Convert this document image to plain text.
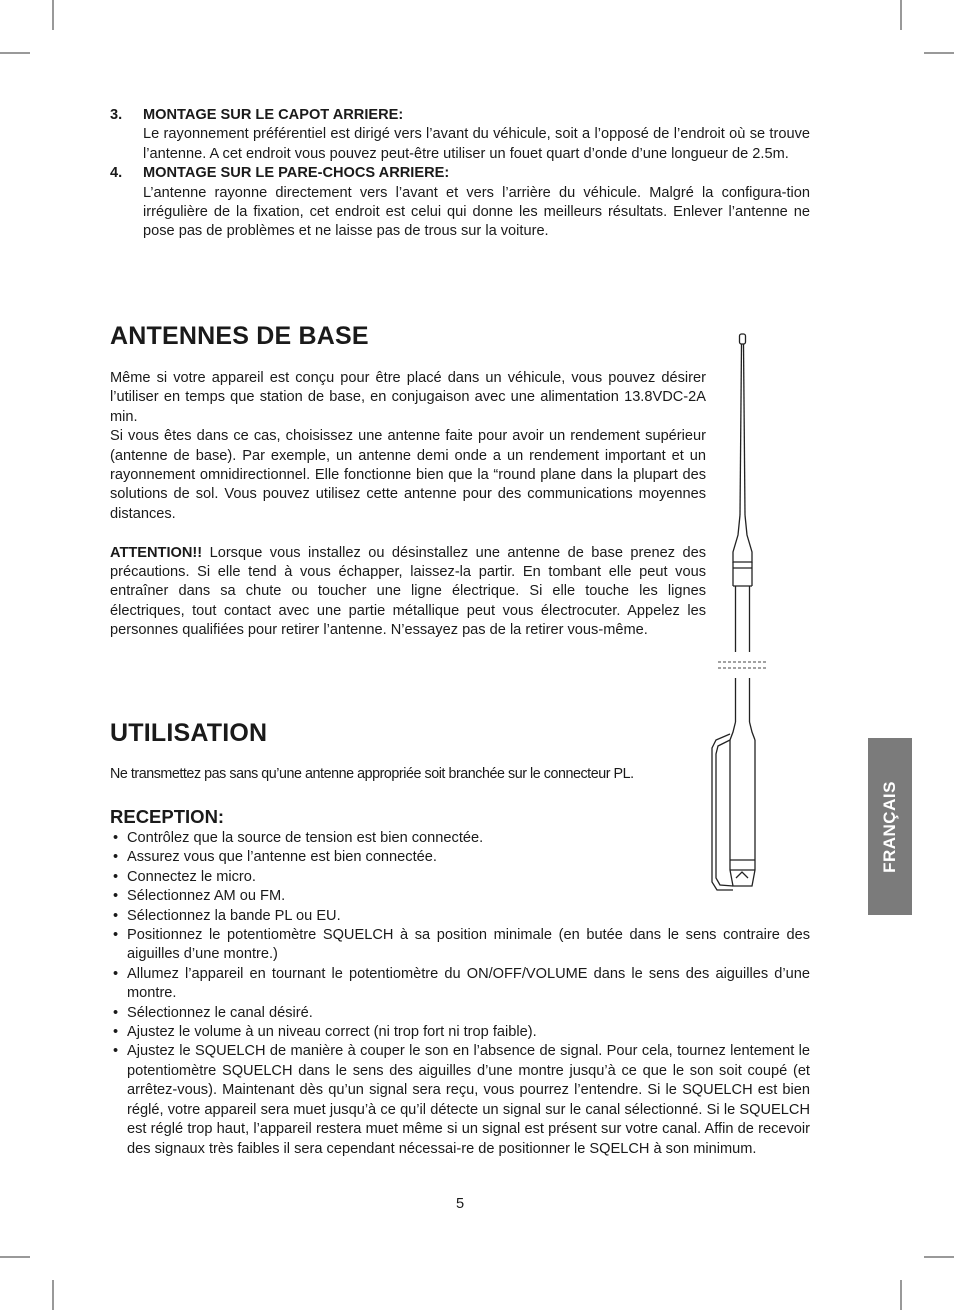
3. MONTAGE SUR LE CAPOT ARRIERE:

Le rayonnement préférentiel est dirigé vers l’avant du véhicule, soit a l’opposé de l’endroit où se trouve l’antenne. A cet endroit vous pouvez peut-être utiliser un fouet quart d’onde d’une longueur de 2.5m.

4. MONTAGE SUR LE PARE-CHOCS ARRIERE:

L’antenne rayonne directement vers l’avant et vers l’arrière du véhicule. Malgré la configura-tion irrégulière de la fixation, cet endroit est celui qui donne les meilleurs résultats. Enlever l’antenne ne pose pas de problèmes et ne laisse pas de trous sur la voiture.

ANTENNES DE BASE

Même si votre appareil est conçu pour être placé dans un véhicule, vous pouvez désirer l’utiliser en temps que station de base, en conjugaison avec une alimentation 13.8VDC-2A min.

Si vous êtes dans ce cas, choisissez une antenne faite pour avoir un rendement supérieur (antenne de base). Par exemple, un antenne demi onde a un rendement important et un rayonnement omnidirectionnel. Elle fonctionne bien que la “round plane dans la plupart des solutions de sol. Vous pouvez utilisez cette antenne pour des communications moyennes distances.

ATTENTION!! Lorsque vous installez ou désinstallez une antenne de base prenez des précautions. Si elle tend à vous échapper, laissez-la partir. En tombant elle peut vous entraîner dans sa chute ou toucher une ligne électrique. Si elle touche les lignes électriques, tout contact avec une partie métallique peut vous électrocuter. Appelez les personnes qualifiées pour retirer l’antenne. N’essayez pas de la retirer vous-même.

UTILISATION
Ne transmettez pas sans qu’une antenne appropriée soit branchée sur le connecteur PL.
RECEPTION:
• Contrôlez que la source de tension est bien connectée.
• Assurez vous que l’antenne est bien connectée.
• Connectez le micro.
• Sélectionnez AM ou FM.
• Sélectionnez la bande PL ou EU.
• Positionnez le potentiomètre SQUELCH à sa position minimale (en butée dans le sens contraire des aiguilles d’une montre.)
• Allumez l’appareil en tournant le potentiomètre du ON/OFF/VOLUME dans le sens des aiguilles d’une montre.
• Sélectionnez le canal désiré.
• Ajustez le volume à un niveau correct (ni trop fort ni trop faible).
• Ajustez le SQUELCH de manière à couper le son en l’absence de signal. Pour cela, tournez lentement le potentiomètre SQUELCH dans le sens des aiguilles d’une montre jusqu’à ce que le son soit coupé (et arrêtez-vous). Maintenant dès qu’un signal sera reçu, vous pourrez l’entendre. Si le SQUELCH est bien réglé, votre appareil sera muet jusqu’à ce qu’il détecte un signal sur le canal sélectionné. Si le SQUELCH est réglé trop haut, l’appareil restera muet même si un signal est présent sur votre canal. Affin de recevoir des signaux très faibles il sera cependant nécessai-re de positionner le SQELCH à son minimum.
FRANÇAIS
5
